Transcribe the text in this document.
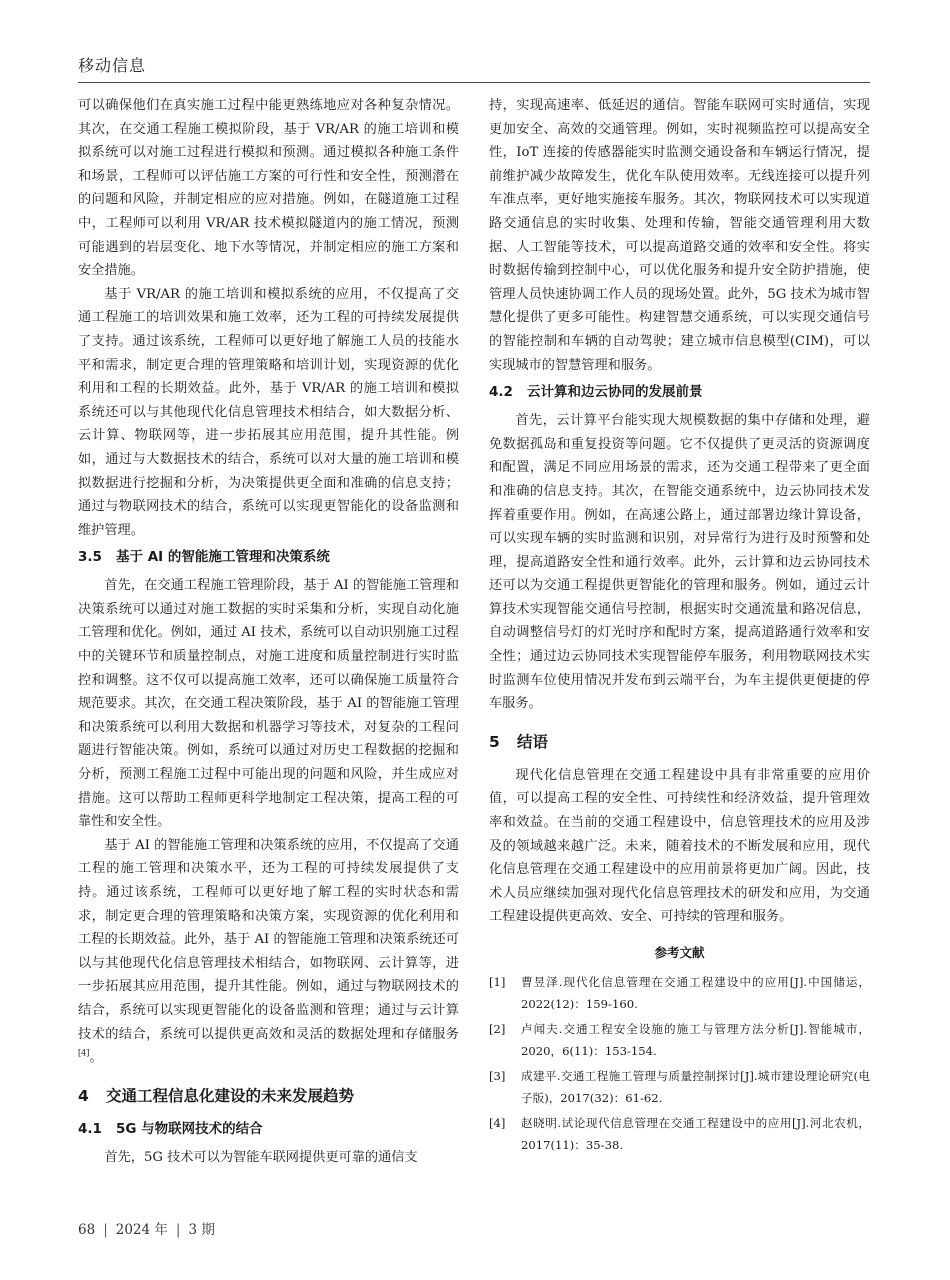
移动信息

可以确保他们在真实施工过程中能更熟练地应对各种复杂情况。其次，在交通工程施工模拟阶段，基于 VR/AR 的施工培训和模拟系统可以对施工过程进行模拟和预测。通过模拟各种施工条件和场景，工程师可以评估施工方案的可行性和安全性，预测潜在的问题和风险，并制定相应的应对措施。例如，在隧道施工过程中，工程师可以利用 VR/AR 技术模拟隧道内的施工情况，预测可能遇到的岩层变化、地下水等情况，并制定相应的施工方案和安全措施。

基于 VR/AR 的施工培训和模拟系统的应用，不仅提高了交通工程施工的培训效果和施工效率，还为工程的可持续发展提供了支持。通过该系统，工程师可以更好地了解施工人员的技能水平和需求，制定更合理的管理策略和培训计划，实现资源的优化利用和工程的长期效益。此外，基于 VR/AR 的施工培训和模拟系统还可以与其他现代化信息管理技术相结合，如大数据分析、云计算、物联网等，进一步拓展其应用范围，提升其性能。例如，通过与大数据技术的结合，系统可以对大量的施工培训和模拟数据进行挖掘和分析，为决策提供更全面和准确的信息支持；通过与物联网技术的结合，系统可以实现更智能化的设备监测和维护管理。

3.5 基于 AI 的智能施工管理和决策系统

首先，在交通工程施工管理阶段，基于 AI 的智能施工管理和决策系统可以通过对施工数据的实时采集和分析，实现自动化施工管理和优化。例如，通过 AI 技术，系统可以自动识别施工过程中的关键环节和质量控制点，对施工进度和质量控制进行实时监控和调整。这不仅可以提高施工效率，还可以确保施工质量符合规范要求。其次，在交通工程决策阶段，基于 AI 的智能施工管理和决策系统可以利用大数据和机器学习等技术，对复杂的工程问题进行智能决策。例如，系统可以通过对历史工程数据的挖掘和分析，预测工程施工过程中可能出现的问题和风险，并生成应对措施。这可以帮助工程师更科学地制定工程决策，提高工程的可靠性和安全性。

基于 AI 的智能施工管理和决策系统的应用，不仅提高了交通工程的施工管理和决策水平，还为工程的可持续发展提供了支持。通过该系统，工程师可以更好地了解工程的实时状态和需求，制定更合理的管理策略和决策方案，实现资源的优化利用和工程的长期效益。此外，基于 AI 的智能施工管理和决策系统还可以与其他现代化信息管理技术相结合，如物联网、云计算等，进一步拓展其应用范围，提升其性能。例如，通过与物联网技术的结合，系统可以实现更智能化的设备监测和管理；通过与云计算技术的结合，系统可以提供更高效和灵活的数据处理和存储服务[4]。

4 交通工程信息化建设的未来发展趋势
4.1 5G 与物联网技术的结合

首先，5G 技术可以为智能车联网提供更可靠的通信支

持，实现高速率、低延迟的通信。智能车联网可实时通信，实现更加安全、高效的交通管理。例如，实时视频监控可以提高安全性，IoT 连接的传感器能实时监测交通设备和车辆运行情况，提前维护减少故障发生，优化车队使用效率。无线连接可以提升列车准点率，更好地实施接车服务。其次，物联网技术可以实现道路交通信息的实时收集、处理和传输，智能交通管理利用大数据、人工智能等技术，可以提高道路交通的效率和安全性。将实时数据传输到控制中心，可以优化服务和提升安全防护措施，使管理人员快速协调工作人员的现场处置。此外，5G 技术为城市智慧化提供了更多可能性。构建智慧交通系统，可以实现交通信号的智能控制和车辆的自动驾驶；建立城市信息模型(CIM)，可以实现城市的智慧管理和服务。

4.2 云计算和边云协同的发展前景

首先，云计算平台能实现大规模数据的集中存储和处理，避免数据孤岛和重复投资等问题。它不仅提供了更灵活的资源调度和配置，满足不同应用场景的需求，还为交通工程带来了更全面和准确的信息支持。其次，在智能交通系统中，边云协同技术发挥着重要作用。例如，在高速公路上，通过部署边缘计算设备，可以实现车辆的实时监测和识别，对异常行为进行及时预警和处理，提高道路安全性和通行效率。此外，云计算和边云协同技术还可以为交通工程提供更智能化的管理和服务。例如，通过云计算技术实现智能交通信号控制，根据实时交通流量和路况信息，自动调整信号灯的灯光时序和配时方案，提高道路通行效率和安全性；通过边云协同技术实现智能停车服务，利用物联网技术实时监测车位使用情况并发布到云端平台，为车主提供更便捷的停车服务。

5 结语

现代化信息管理在交通工程建设中具有非常重要的应用价值，可以提高工程的安全性、可持续性和经济效益，提升管理效率和效益。在当前的交通工程建设中，信息管理技术的应用及涉及的领域越来越广泛。未来，随着技术的不断发展和应用，现代化信息管理在交通工程建设中的应用前景将更加广阔。因此，技术人员应继续加强对现代化信息管理技术的研发和应用，为交通工程建设提供更高效、安全、可持续的管理和服务。

参考文献
[1]	曹昱泽.现代化信息管理在交通工程建设中的应用[J].中国储运，2022(12)：159-160.
[2]	卢闻夫.交通工程安全设施的施工与管理方法分析[J].智能城市，2020，6(11)：153-154.
[3]	成建平.交通工程施工管理与质量控制探讨[J].城市建设理论研究(电子版)，2017(32)：61-62.
[4]	赵晓明.试论现代信息管理在交通工程建设中的应用[J].河北农机，2017(11)：35-38.
68 | 2024 年 | 3 期
